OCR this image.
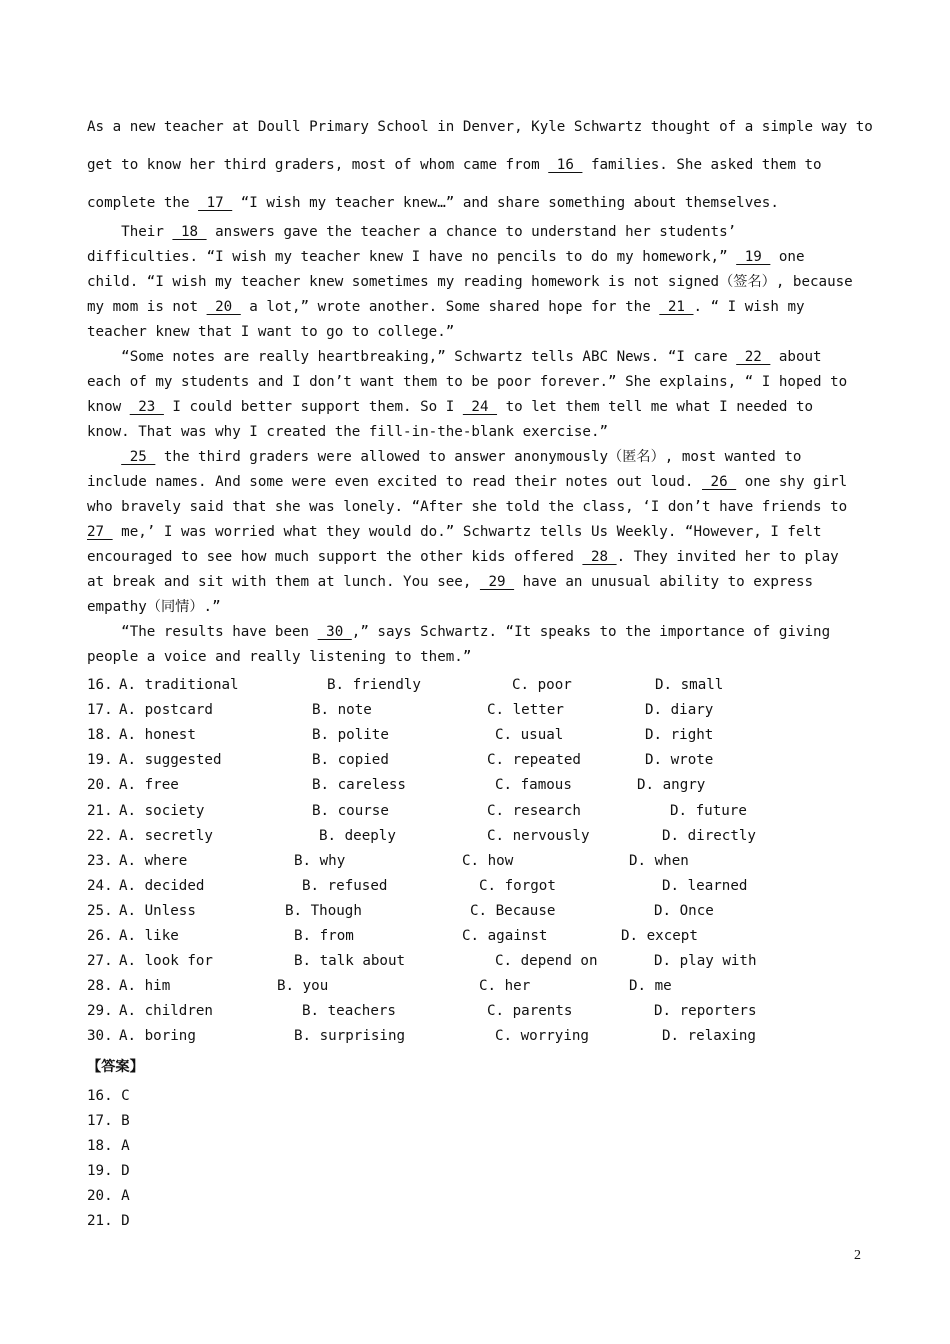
As a new teacher at Doull Primary School in Denver, Kyle Schwartz thought of a simple way to
get to know her third graders, most of whom came from  16  families. She asked them to
complete the  17  “I wish my teacher knew…” and share something about themselves.
Their  18  answers gave the teacher a chance to understand her students’
difficulties. “I wish my teacher knew I have no pencils to do my homework,”  19  one
child. “I wish my teacher knew sometimes my reading homework is not signed（签名）, because
my mom is not  20  a lot,” wrote another. Some shared hope for the  21 . “ I wish my
teacher knew that I want to go to college.”
“Some notes are really heartbreaking,” Schwartz tells ABC News. “I care  22  about
each of my students and I don’t want them to be poor forever.” She explains, “ I hoped to
know  23  I could better support them. So I  24  to let them tell me what I needed to
know. That was why I created the fill-in-the-blank exercise.”
25  the third graders were allowed to answer anonymously（匿名）, most wanted to
include names. And some were even excited to read their notes out loud.  26  one shy girl
who bravely said that she was lonely. “After she told the class, ‘I don’t have friends to
27  me,’ I was worried what they would do.” Schwartz tells Us Weekly. “However, I felt
encouraged to see how much support the other kids offered  28 . They invited her to play
at break and sit with them at lunch. You see,  29  have an unusual ability to express
empathy（同情）.”
“The results have been  30 ,” says Schwartz. “It speaks to the importance of giving
people a voice and really listening to them.”
16. A. traditional	B. friendly	C. poor	D. small
17. A. postcard	B. note	C. letter	D. diary
18. A. honest	B. polite	C. usual	D. right
19. A. suggested	B. copied	C. repeated	D. wrote
20. A. free	B. careless	C. famous	D. angry
21. A. society	B. course	C. research	D. future
22. A. secretly	B. deeply	C. nervously	D. directly
23. A. where	B. why	C. how	D. when
24. A. decided	B. refused	C. forgot	D. learned
25. A. Unless	B. Though	C. Because	D. Once
26. A. like	B. from	C. against	D. except
27. A. look for	B. talk about	C. depend on	D. play with
28. A. him	B. you	C. her	D. me
29. A. children	B. teachers	C. parents	D. reporters
30. A. boring	B. surprising	C. worrying	D. relaxing
【答案】
16. C
17. B
18. A
19. D
20. A
21. D
2
